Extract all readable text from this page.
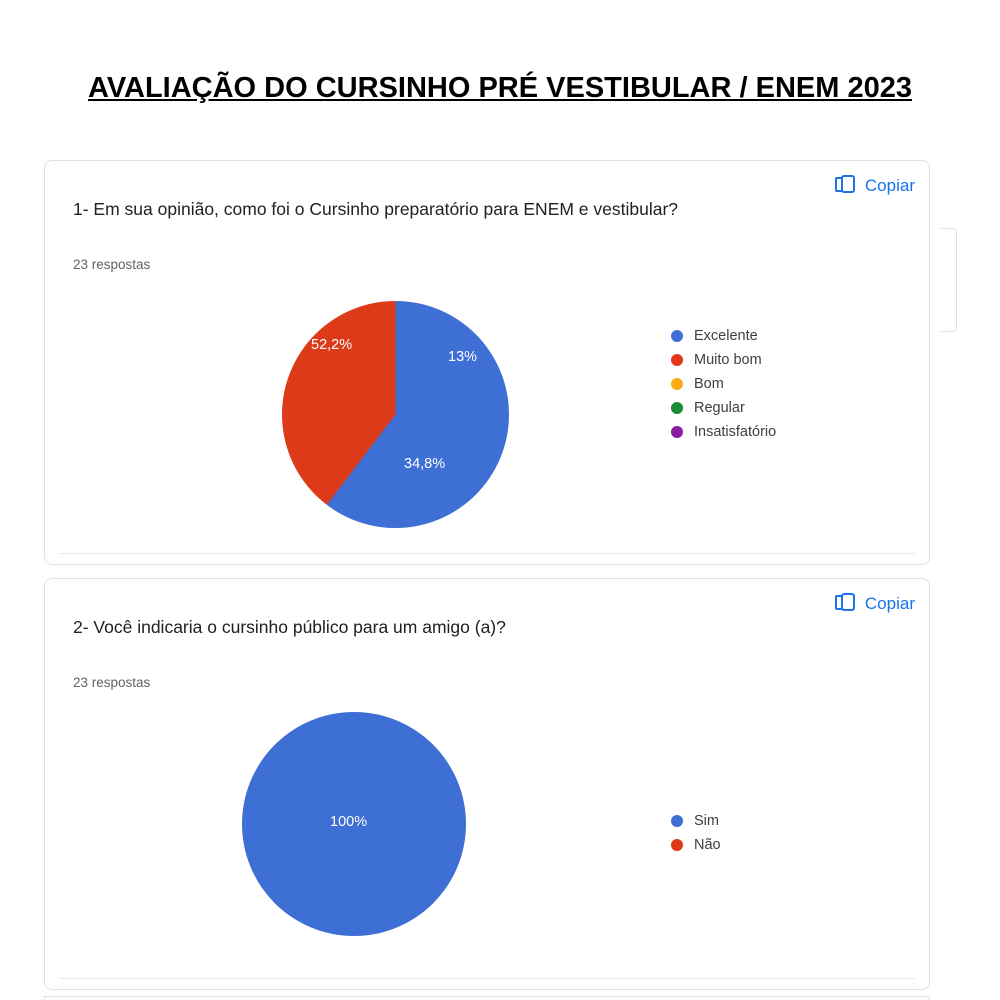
AVALIAÇÃO DO CURSINHO PRÉ VESTIBULAR / ENEM 2023
Copiar
1- Em sua opinião, como foi o Cursinho preparatório para ENEM e vestibular?
23 respostas
34,8%
52,2%
13%
Excelente
Muito bom
Bom
Regular
Insatisfatório
Copiar
2- Você indicaria o cursinho público para um amigo (a)?
23 respostas
100%	Sim
Não
